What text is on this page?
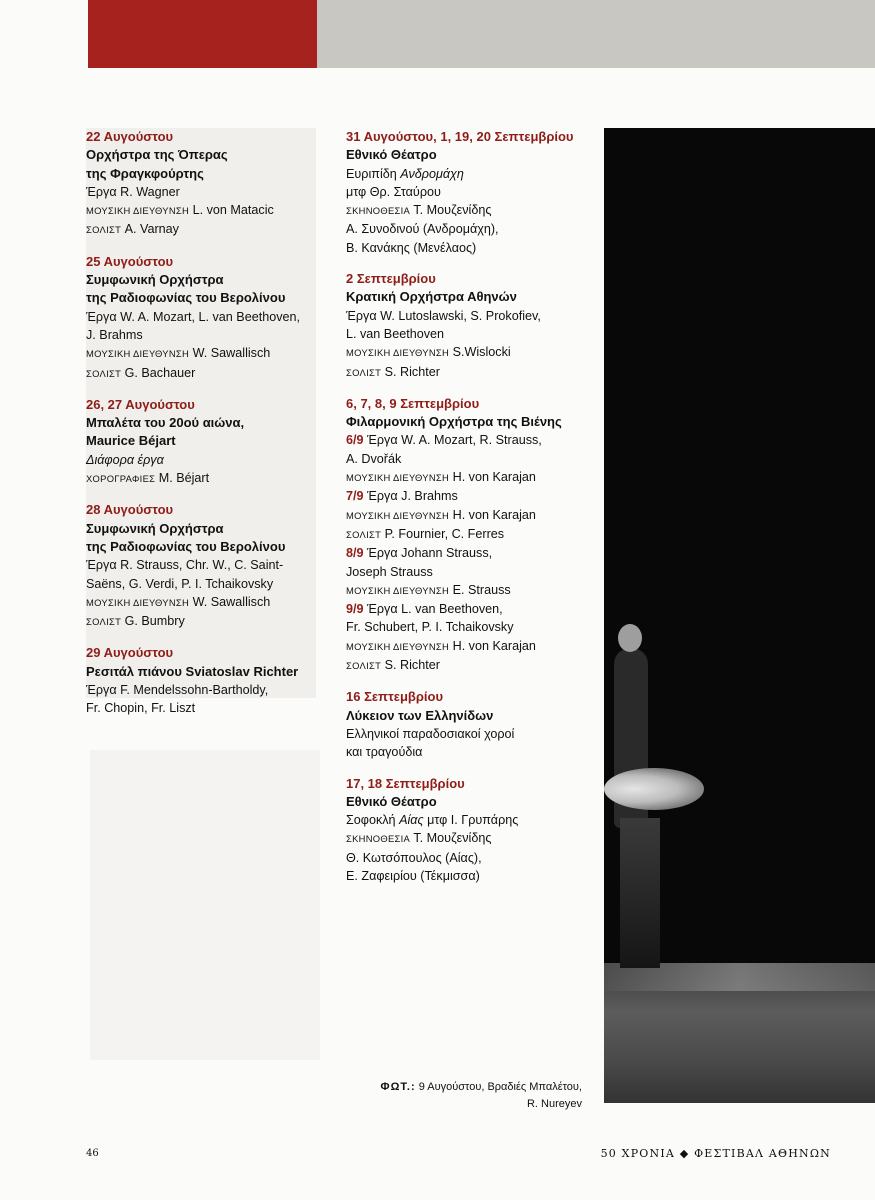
22 Αυγούστου
Ορχήστρα της Όπερας
της Φραγκφούρτης
Έργα R. Wagner
ΜΟΥΣΙΚΗ ΔΙΕΥΘΥΝΣΗ L. von Matacic
ΣΟΛΙΣΤ A. Varnay
25 Αυγούστου
Συμφωνική Ορχήστρα
της Ραδιοφωνίας του Βερολίνου
Έργα W. A. Mozart, L. van Beethoven,
J. Brahms
ΜΟΥΣΙΚΗ ΔΙΕΥΘΥΝΣΗ W. Sawallisch
ΣΟΛΙΣΤ G. Bachauer
26, 27 Αυγούστου
Μπαλέτα του 20ού αιώνα,
Maurice Béjart
Διάφορα έργα
ΧΟΡΟΓΡΑΦΙΕΣ M. Béjart
28 Αυγούστου
Συμφωνική Ορχήστρα
της Ραδιοφωνίας του Βερολίνου
Έργα R. Strauss, Chr. W., C. Saint-
Saëns, G. Verdi, P. I. Tchaikovsky
ΜΟΥΣΙΚΗ ΔΙΕΥΘΥΝΣΗ W. Sawallisch
ΣΟΛΙΣΤ G. Bumbry
29 Αυγούστου
Ρεσιτάλ πιάνου Sviatoslav Richter
Έργα F. Mendelssohn-Bartholdy,
Fr. Chopin, Fr. Liszt
31 Αυγούστου, 1, 19, 20 Σεπτεμβρίου
Εθνικό Θέατρο
Ευριπίδη Ανδρομάχη
μτφ Θρ. Σταύρου
ΣΚΗΝΟΘΕΣΙΑ Τ. Μουζενίδης
Α. Συνοδινού (Ανδρομάχη),
Β. Κανάκης (Μενέλαος)
2 Σεπτεμβρίου
Κρατική Ορχήστρα Αθηνών
Έργα W. Lutoslawski, S. Prokofiev,
L. van Beethoven
ΜΟΥΣΙΚΗ ΔΙΕΥΘΥΝΣΗ S.Wislocki
ΣΟΛΙΣΤ S. Richter
6, 7, 8, 9 Σεπτεμβρίου
Φιλαρμονική Ορχήστρα της Βιένης
6/9 Έργα W. A. Mozart, R. Strauss,
A. Dvořák
ΜΟΥΣΙΚΗ ΔΙΕΥΘΥΝΣΗ H. von Karajan
7/9 Έργα J. Brahms
ΜΟΥΣΙΚΗ ΔΙΕΥΘΥΝΣΗ H. von Karajan
ΣΟΛΙΣΤ P. Fournier, C. Ferres
8/9 Έργα Johann Strauss,
Joseph Strauss
ΜΟΥΣΙΚΗ ΔΙΕΥΘΥΝΣΗ E. Strauss
9/9 Έργα L. van Beethoven,
Fr. Schubert, P. I. Tchaikovsky
ΜΟΥΣΙΚΗ ΔΙΕΥΘΥΝΣΗ H. von Karajan
ΣΟΛΙΣΤ S. Richter
16 Σεπτεμβρίου
Λύκειον των Ελληνίδων
Ελληνικοί παραδοσιακοί χοροί
και τραγούδια
17, 18 Σεπτεμβρίου
Εθνικό Θέατρο
Σοφοκλή Αίας μτφ Ι. Γρυπάρης
ΣΚΗΝΟΘΕΣΙΑ Τ. Μουζενίδης
Θ. Κωτσόπουλος (Αίας),
Ε. Ζαφειρίου (Τέκμισσα)
ΦΩΤ.: 9 Αυγούστου, Βραδιές Μπαλέτου,
R. Nureyev
46	50 ΧΡΟΝΙΑ ◆ ΦΕΣΤΙΒΑΛ ΑΘΗΝΩΝ
